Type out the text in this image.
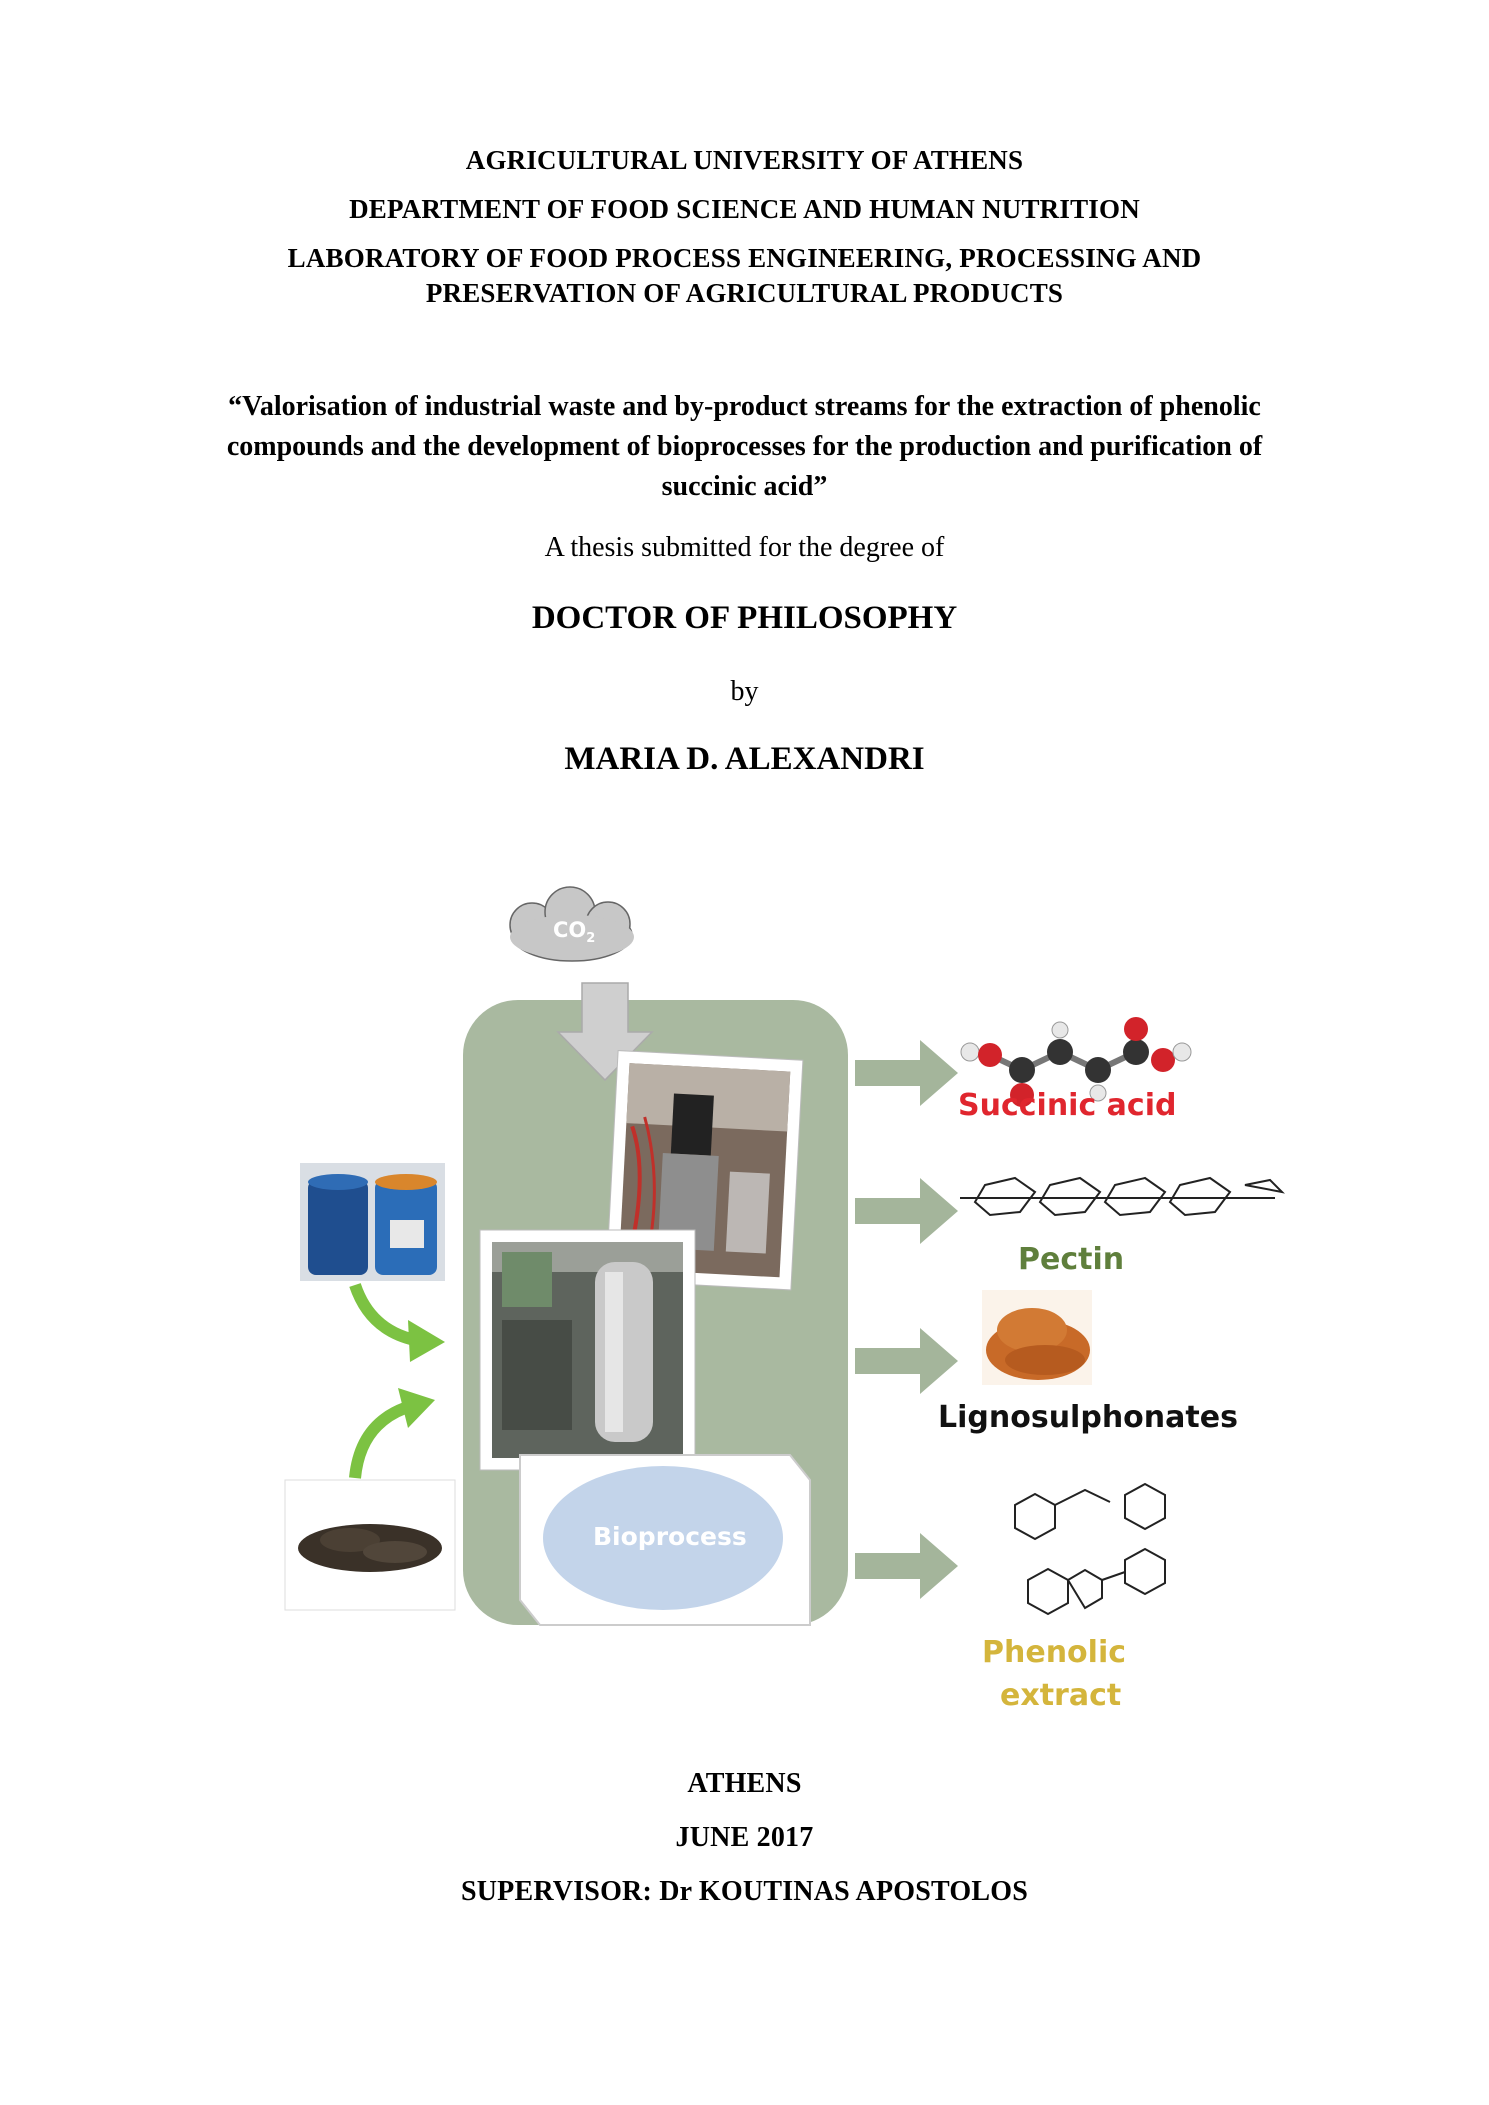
AGRICULTURAL UNIVERSITY OF ATHENS
DEPARTMENT OF FOOD SCIENCE AND HUMAN NUTRITION
LABORATORY OF FOOD PROCESS ENGINEERING, PROCESSING AND
PRESERVATION OF AGRICULTURAL PRODUCTS
“Valorisation of industrial waste and by-product streams for the extraction of phenolic
compounds and the development of bioprocesses for the production and purification of
succinic acid”
A thesis submitted for the degree of
DOCTOR OF PHILOSOPHY
by
MARIA D. ALEXANDRI
$CO_2$
Bioprocess
Succinic acid
Pectin
Lignosulphonates
Phenolic
extract
ATHENS
JUNE 2017
SUPERVISOR: Dr KOUTINAS APOSTOLOS
